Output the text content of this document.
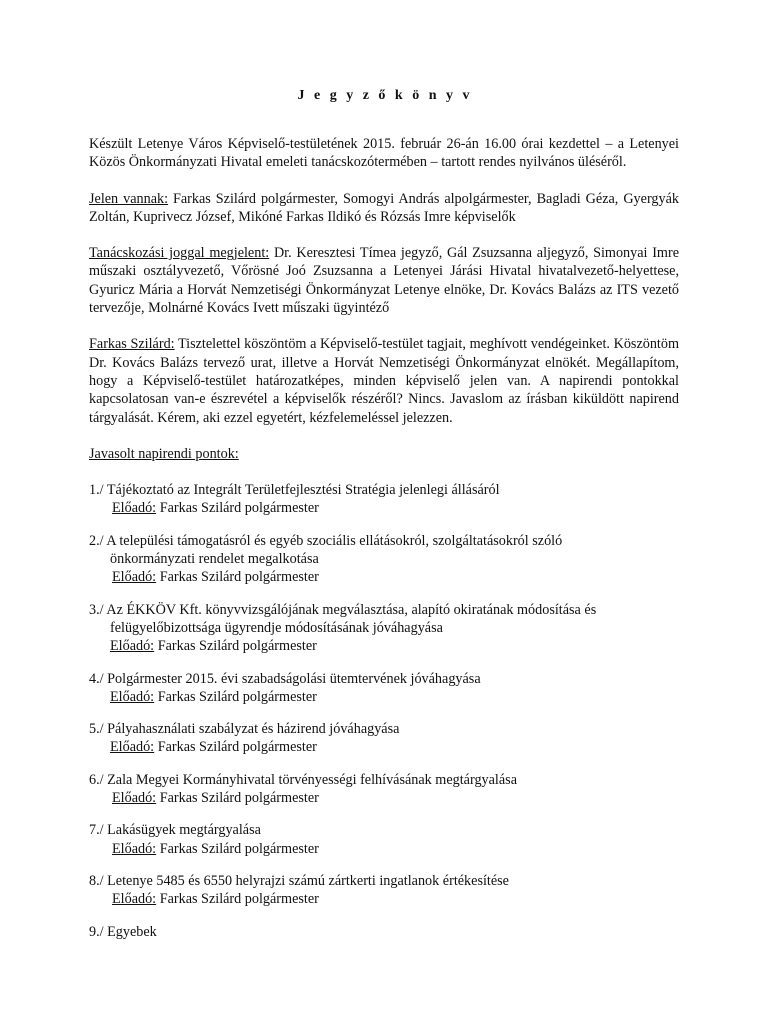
J e g y z ő k ö n y v

Készült Letenye Város Képviselő-testületének 2015. február 26-án 16.00 órai kezdettel – a Letenyei Közös Önkormányzati Hivatal emeleti tanácskozótermében – tartott rendes nyilvános üléséről.

Jelen vannak: Farkas Szilárd polgármester, Somogyi András alpolgármester, Bagladi Géza, Gyergyák Zoltán, Kuprivecz József, Mikóné Farkas Ildikó és Rózsás Imre képviselők

Tanácskozási joggal megjelent: Dr. Keresztesi Tímea jegyző, Gál Zsuzsanna aljegyző, Simonyai Imre műszaki osztályvezető, Vőrösné Joó Zsuzsanna a Letenyei Járási Hivatal hivatalvezető-helyettese, Gyuricz Mária a Horvát Nemzetiségi Önkormányzat Letenye elnöke, Dr. Kovács Balázs az ITS vezető tervezője, Molnárné Kovács Ivett műszaki ügyintéző

Farkas Szilárd: Tisztelettel köszöntöm a Képviselő-testület tagjait, meghívott vendégeinket. Köszöntöm Dr. Kovács Balázs tervező urat, illetve a Horvát Nemzetiségi Önkormányzat elnökét. Megállapítom, hogy a Képviselő-testület határozatképes, minden képviselő jelen van. A napirendi pontokkal kapcsolatosan van-e észrevétel a képviselők részéről? Nincs. Javaslom az írásban kiküldött napirend tárgyalását. Kérem, aki ezzel egyetért, kézfelemeléssel jelezzen.

Javasolt napirendi pontok:
1./ Tájékoztató az Integrált Területfejlesztési Stratégia jelenlegi állásáról
Előadó: Farkas Szilárd polgármester
2./ A települési támogatásról és egyéb szociális ellátásokról, szolgáltatásokról szóló
önkormányzati rendelet megalkotása
Előadó: Farkas Szilárd polgármester
3./ Az ÉKKÖV Kft. könyvvizsgálójának megválasztása, alapító okiratának módosítása és
felügyelőbizottsága ügyrendje módosításának jóváhagyása
Előadó: Farkas Szilárd polgármester
4./ Polgármester 2015. évi szabadságolási ütemtervének jóváhagyása
Előadó: Farkas Szilárd polgármester
5./ Pályahasználati szabályzat és házirend jóváhagyása
Előadó: Farkas Szilárd polgármester
6./ Zala Megyei Kormányhivatal törvényességi felhívásának megtárgyalása
Előadó: Farkas Szilárd polgármester
7./ Lakásügyek megtárgyalása
Előadó: Farkas Szilárd polgármester
8./ Letenye 5485 és 6550 helyrajzi számú zártkerti ingatlanok értékesítése
Előadó: Farkas Szilárd polgármester
9./ Egyebek
